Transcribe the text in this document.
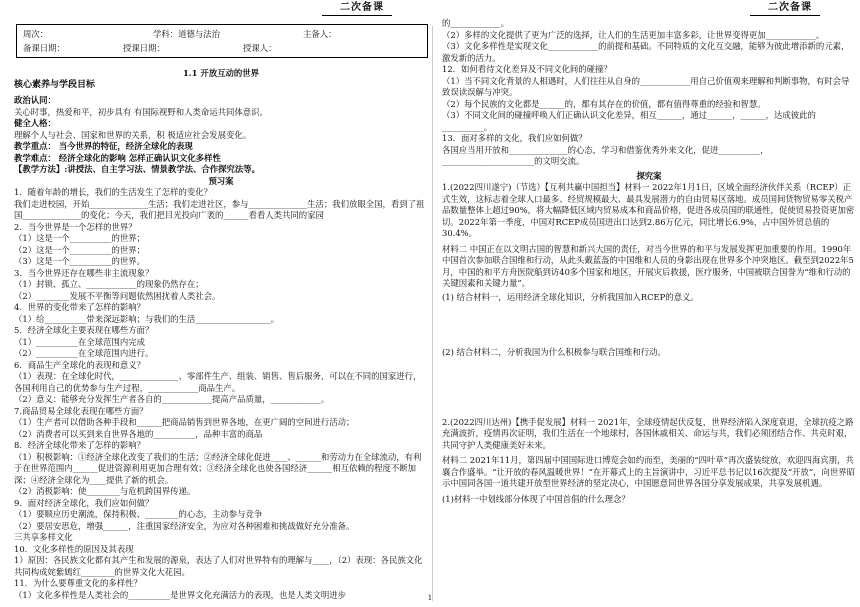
二次备课
周次：	学科：道德与法治	主备人：
备课日期：	授课日期：	授课人：

1.1 开放互动的世界

核心素养与学段目标

政治认同：

关心时事，热爱和平，初步具有 有国际视野和人类命运共同体意识。

健全人格：

理解个人与社会、国家和世界的关系，积 极适应社会发展变化。

教学重点： 当今世界的特征，经济全球化的表现

教学难点： 经济全球化的影响 怎样正确认识文化多样性

【教学方法】:讲授法、自主学习法、情景教学法、合作探究法等。

预习案

1．随着年龄的增长，我们的生活发生了怎样的变化？

我们走进校园，开始______________生活；我们走进社区，参与______________生活；我们放眼全国，看到了祖国______________的变化；今天，我们把目光投向广袤的______看看人类共同的家园

2．当今世界是一个怎样的世界？

（1）这是一个__________的世界；

（2）这是一个__________的世界；

（3）这是一个__________的世界。

3．当今世界还存在哪些非主流现象？

（1）封锁、孤立、____________的现象仍然存在；

（2）________发展不平衡等问题依然困扰着人类社会。

4．世界的变化带来了怎样的影响？

（1）给__________带来深远影响；与我们的生活__________________。

5．经济全球化主要表现在哪些方面？

（1）__________在全球范围内完成

（2）__________在全球范围内进行。

6．商品生产全球化的表现和意义？

（1）表现：在全球化时代，______________、零部件生产、组装、销售、售后服务，可以在不同的国家进行，各国利用自己的优势参与生产过程，____________商品生产。

（2）意义：能够充分发挥生产者各自的____________提高产品质量，____________。

7.商品贸易全球化表现在哪些方面？

（1）生产者可以借助各种手段和______把商品销售到世界各地，在更广阔的空间进行活动；

（2）消费者可以买到来自世界各地的__________，品种丰富的商品

8．经济全球化带来了怎样的影响？

（1）积极影响：①经济全球化改变了我们的生活；②经济全球化促进____、______和劳动力在全球流动，有利于在世界范围内______促进资源利用更加合理有效；③经济全球化也使各国经济______相互依赖的程度不断加深；④经济全球化为____提供了新的机会。

（2）消极影响：使________与危机跨国界传递。

9．面对经济全球化，我们应如何做？

（1）要顺应历史潮流，保持积极、________的心态，主动参与竞争

（2）要居安思危，增强______，注重国家经济安全，为应对各种困难和挑战做好充分准备。

三共享多样文化

10．文化多样性的原因及其表现

1）原因：各民族文化都有其产生和发展的源泉，表达了人们对世界特有的理解与____，（2）表现：各民族文化共同构成姹紫嫣红________的世界文化大花园。

11．为什么要尊重文化的多样性？

（1）文化多样性是人类社会的__________是世界文化充满活力的表现，也是人类文明进步

二次备课

的____________。

（2）多样的文化提供了更为广泛的选择，让人们的生活更加丰富多彩，让世界变得更加____________。

（3）文化多样性是实现文化____________的前提和基础。不同特质的文化互交融，能够为彼此增添新的元素，激发新的活力。

12．如何看待文化差异及不同文化间的碰撞？

（1）当不同文化背景的人相遇时，人们往往从自身的____________用自己价值观来理解和判断事物，有时会导致误读误解与冲突。

（2）每个民族的文化都是______的，都有其存在的价值，都有值得尊重的经验和智慧。

（3）不同文化间的碰撞呼唤人们正确认识文化差异，相互______，通过______，______，达成彼此的__________。

13．面对多样的文化，我们应如何做？

各国应当用开放和______________的心态，学习和借鉴优秀外来文化，促进__________，______________________的文明交流。

探究案

1.(2022四川遂宁)（节选）【互利共赢中国担当】材料一 2022年1月1日，区域全面经济伙伴关系（RCEP）正式生效，这标志着全球人口最多、经贸规模最大、最具发展潜力的自由贸易区落地。成员国间货物贸易零关税产品数量整体上超过90%，将大幅降低区域内贸易成本和商品价格，促进各成员国的联通性，促使贸易投资更加密切。2022年第一季度，中国对RCEP成员国进出口达到2.86万亿元，同比增长6.9%，占中国外贸总值的30.4%。

材料二 中国正在以文明古国的智慧和新兴大国的责任，对当今世界的和平与发展发挥更加重要的作用。1990年中国首次参加联合国维和行动，从此头戴蓝盔的中国维和人员的身影出现在世界多个冲突地区。截至到2022年5月，中国的和平方舟医院船到访40多个国家和地区，开展灾后救援，医疗服务，中国被联合国誉为“维和行动的关键因素和关键力量”。

(1) 结合材料一，运用经济全球化知识，分析我国加入RCEP的意义。

(2) 结合材料二，分析我国为什么积极参与联合国维和行动。

2.(2022四川达州)【携手促发展】材料一 2021年，全球疫情起伏反复，世界经济陷入深度衰退，全球抗疫之路充满波折，疫情再次证明，我们生活在一个地球村，各国休戚相关、命运与共，我们必须团结合作、共克时艰，共同守护人类健康美好未来。

材料二 2021年11月，第四届中国国际进口博览会如约而至，美丽的“四叶草”再次盛装绽放，欢迎四海宾朋，共襄合作盛举。“让开放的春风温暖世界！”在开幕式上的主旨演讲中，习近平总书记以16次提及“开放”，向世界昭示中国同各国一道共建开放型世界经济的坚定决心，中国愿意同世界各国分享发展成果，共享发展机遇。

(1)材料一中划线部分体现了中国首倡的什么理念？

1
